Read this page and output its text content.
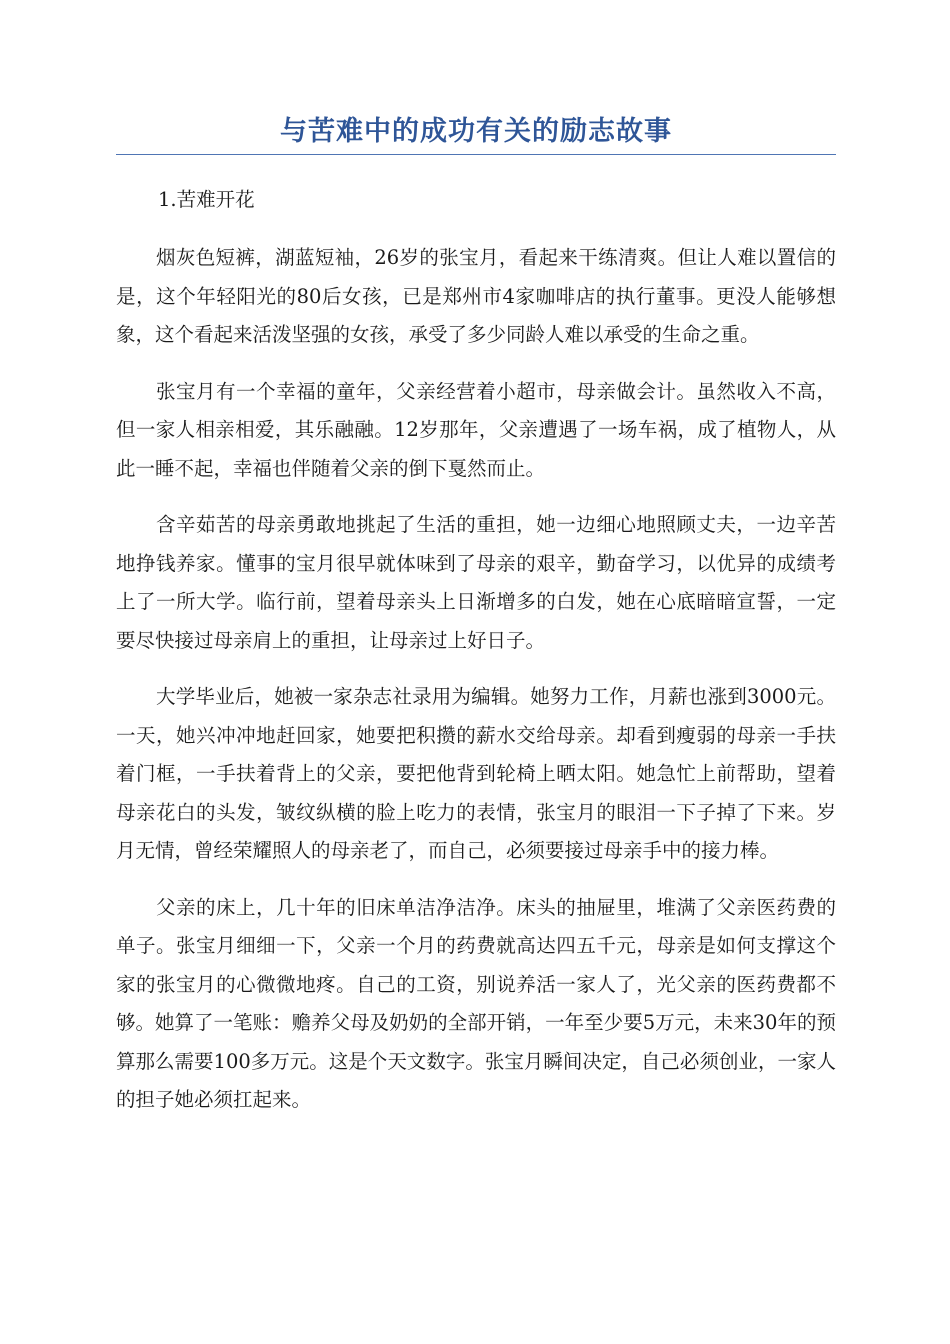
与苦难中的成功有关的励志故事
1.苦难开花

烟灰色短裤，湖蓝短袖，26岁的张宝月，看起来干练清爽。但让人难以置信的是，这个年轻阳光的80后女孩，已是郑州市4家咖啡店的执行董事。更没人能够想象，这个看起来活泼坚强的女孩，承受了多少同龄人难以承受的生命之重。

张宝月有一个幸福的童年，父亲经营着小超市，母亲做会计。虽然收入不高，但一家人相亲相爱，其乐融融。12岁那年，父亲遭遇了一场车祸，成了植物人，从此一睡不起，幸福也伴随着父亲的倒下戛然而止。

含辛茹苦的母亲勇敢地挑起了生活的重担，她一边细心地照顾丈夫，一边辛苦地挣钱养家。懂事的宝月很早就体味到了母亲的艰辛，勤奋学习，以优异的成绩考上了一所大学。临行前，望着母亲头上日渐增多的白发，她在心底暗暗宣誓，一定要尽快接过母亲肩上的重担，让母亲过上好日子。

大学毕业后，她被一家杂志社录用为编辑。她努力工作，月薪也涨到3000元。一天，她兴冲冲地赶回家，她要把积攒的薪水交给母亲。却看到瘦弱的母亲一手扶着门框，一手扶着背上的父亲，要把他背到轮椅上晒太阳。她急忙上前帮助，望着母亲花白的头发，皱纹纵横的脸上吃力的表情，张宝月的眼泪一下子掉了下来。岁月无情，曾经荣耀照人的母亲老了，而自己，必须要接过母亲手中的接力棒。

父亲的床上，几十年的旧床单洁净洁净。床头的抽屉里，堆满了父亲医药费的单子。张宝月细细一下，父亲一个月的药费就高达四五千元，母亲是如何支撑这个家的张宝月的心微微地疼。自己的工资，别说养活一家人了，光父亲的医药费都不够。她算了一笔账：赡养父母及奶奶的全部开销，一年至少要5万元，未来30年的预算那么需要100多万元。这是个天文数字。张宝月瞬间决定，自己必须创业，一家人的担子她必须扛起来。
